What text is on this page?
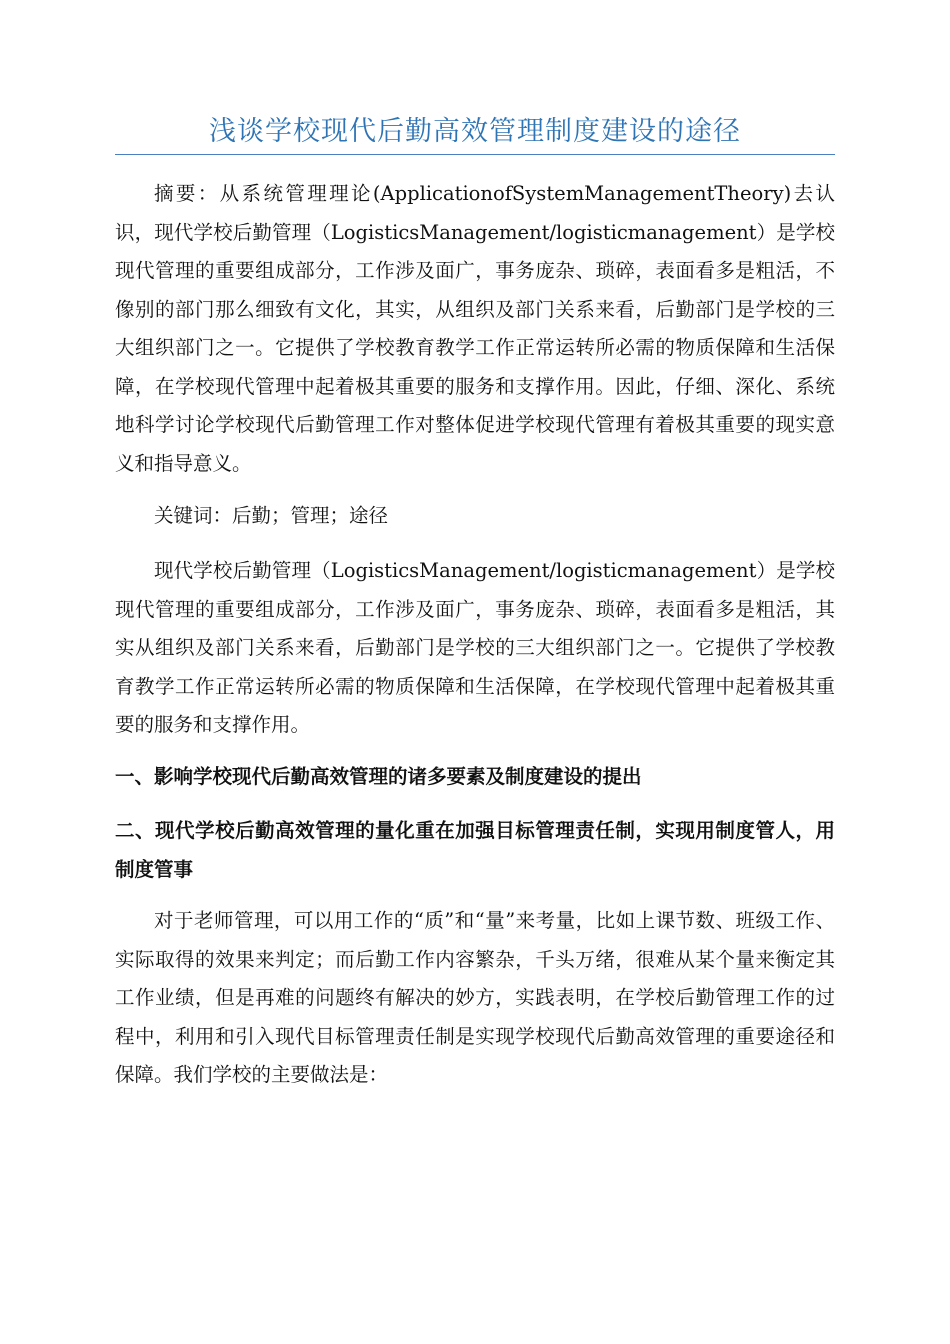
浅谈学校现代后勤高效管理制度建设的途径

摘要：从系统管理理论(ApplicationofSystemManagementTheory)去认识，现代学校后勤管理（LogisticsManagement/logisticmanagement）是学校现代管理的重要组成部分，工作涉及面广，事务庞杂、琐碎，表面看多是粗活，不像别的部门那么细致有文化，其实，从组织及部门关系来看，后勤部门是学校的三大组织部门之一。它提供了学校教育教学工作正常运转所必需的物质保障和生活保障，在学校现代管理中起着极其重要的服务和支撑作用。因此，仔细、深化、系统地科学讨论学校现代后勤管理工作对整体促进学校现代管理有着极其重要的现实意义和指导意义。

关键词：后勤；管理；途径

现代学校后勤管理（LogisticsManagement/logisticmanagement）是学校现代管理的重要组成部分，工作涉及面广，事务庞杂、琐碎，表面看多是粗活，其实从组织及部门关系来看，后勤部门是学校的三大组织部门之一。它提供了学校教育教学工作正常运转所必需的物质保障和生活保障，在学校现代管理中起着极其重要的服务和支撑作用。

一、影响学校现代后勤高效管理的诸多要素及制度建设的提出

二、现代学校后勤高效管理的量化重在加强目标管理责任制，实现用制度管人，用制度管事

对于老师管理，可以用工作的“质”和“量”来考量，比如上课节数、班级工作、实际取得的效果来判定；而后勤工作内容繁杂，千头万绪，很难从某个量来衡定其工作业绩，但是再难的问题终有解决的妙方，实践表明，在学校后勤管理工作的过程中，利用和引入现代目标管理责任制是实现学校现代后勤高效管理的重要途径和保障。我们学校的主要做法是：
